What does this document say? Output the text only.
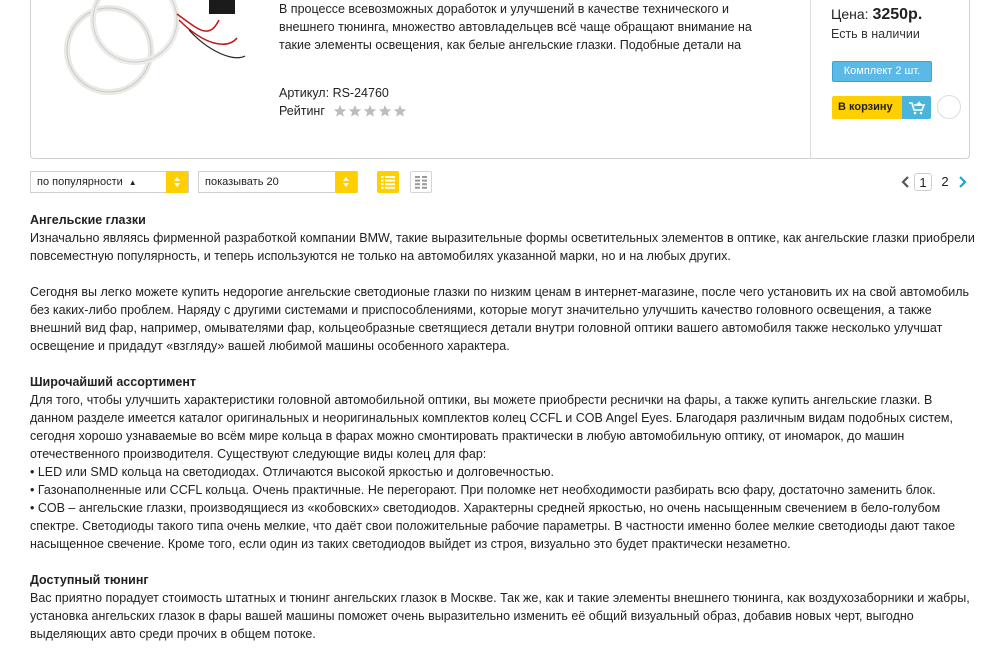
В процессе всевозможных доработок и улучшений в качестве технического и внешнего тюнинга, множество автовладельцев всё чаще обращают внимание на такие элементы освещения, как белые ангельские глазки. Подобные детали на
Артикул: RS-24760
Рейтинг
Цена: 3250р.
Есть в наличии
Комплект 2 шт.
В корзину
по популярности ▲	показывать 20	1	2
Ангельские глазки

Изначально являясь фирменной разработкой компании BMW, такие выразительные формы осветительных элементов в оптике, как ангельские глазки приобрели повсеместную популярность, и теперь используются не только на автомобилях указанной марки, но и на любых других.

Сегодня вы легко можете купить недорогие ангельские светодионые глазки по низким ценам в интернет-магазине, после чего установить их на свой автомобиль без каких-либо проблем. Наряду с другими системами и приспособлениями, которые могут значительно улучшить качество головного освещения, а также внешний вид фар, например, омывателями фар, кольцеобразные светящиеся детали внутри головной оптики вашего автомобиля также несколько улучшат освещение и придадут «взгляду» вашей любимой машины особенного характера.

Широчайший ассортимент

Для того, чтобы улучшить характеристики головной автомобильной оптики, вы можете приобрести реснички на фары, а также купить ангельские глазки. В данном разделе имеется каталог оригинальных и неоригинальных комплектов колец CCFL и COB Angel Eyes. Благодаря различным видам подобных систем, сегодня хорошо узнаваемые во всём мире кольца в фарах можно смонтировать практически в любую автомобильную оптику, от иномарок, до машин отечественного производителя. Существуют следующие виды колец для фар:

• LED или SMD кольца на светодиодах. Отличаются высокой яркостью и долговечностью.

• Газонаполненные или CCFL кольца. Очень практичные. Не перегорают. При поломке нет необходимости разбирать всю фару, достаточно заменить блок.

• COB – ангельские глазки, производящиеся из «кобовских» светодиодов. Характерны средней яркостью, но очень насыщенным свечением в бело-голубом спектре. Светодиоды такого типа очень мелкие, что даёт свои положительные рабочие параметры. В частности именно более мелкие светодиоды дают такое насыщенное свечение. Кроме того, если один из таких светодиодов выйдет из строя, визуально это будет практически незаметно.

Доступный тюнинг

Вас приятно порадует стоимость штатных и тюнинг ангельских глазок в Москве. Так же, как и такие элементы внешнего тюнинга, как воздухозаборники и жабры, установка ангельских глазок в фары вашей машины поможет очень выразительно изменить её общий визуальный образ, добавив новых черт, выгодно выделяющих авто среди прочих в общем потоке.
